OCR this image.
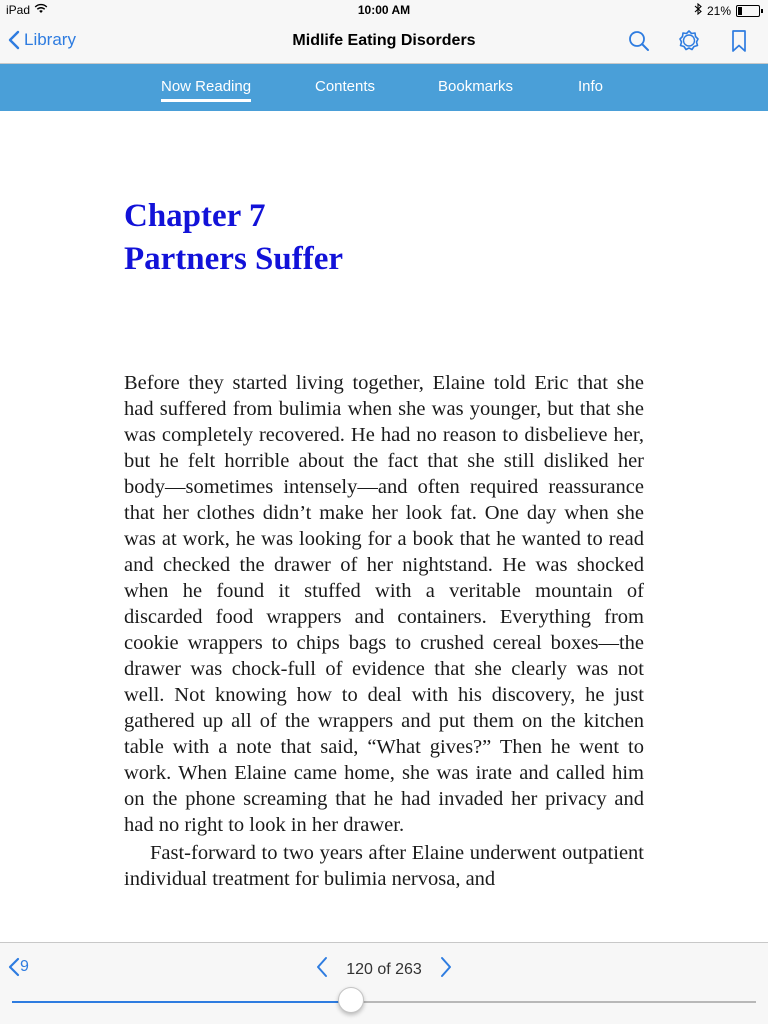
iPad	10:00 AM	21%
Library	Midlife Eating Disorders
Now Reading	Contents	Bookmarks	Info
Chapter 7
Partners Suffer

Before they started living together, Elaine told Eric that she had suffered from bulimia when she was younger, but that she was completely recovered. He had no reason to disbelieve her, but he felt horrible about the fact that she still disliked her body—sometimes intensely—and often required reassurance that her clothes didn’t make her look fat. One day when she was at work, he was looking for a book that he wanted to read and checked the drawer of her nightstand. He was shocked when he found it stuffed with a veritable mountain of discarded food wrappers and containers. Everything from cookie wrappers to chips bags to crushed cereal boxes—the drawer was chock-full of evidence that she clearly was not well. Not knowing how to deal with his discovery, he just gathered up all of the wrappers and put them on the kitchen table with a note that said, “What gives?” Then he went to work. When Elaine came home, she was irate and called him on the phone screaming that he had invaded her privacy and had no right to look in her drawer.

Fast-forward to two years after Elaine underwent outpatient individual treatment for bulimia nervosa, and

9	120 of 263
